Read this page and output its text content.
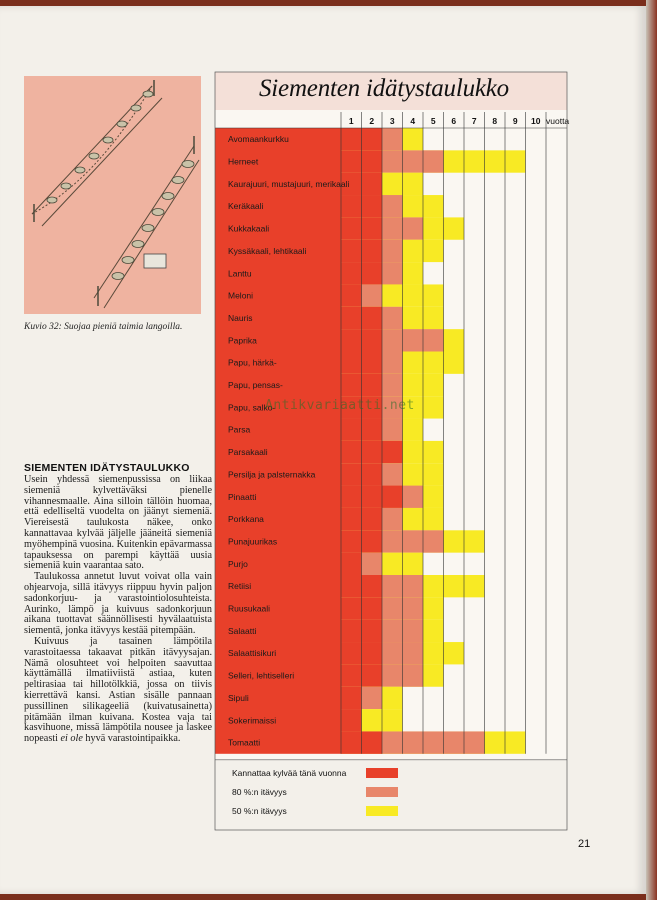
Kuvio 32: Suojaa pieniä taimia langoilla.
SIEMENTEN IDÄTYSTAULUKKO

Usein yhdessä siemenpussissa on liikaa siemeniä kylvettäväksi pienelle vihannesmaalle. Aina silloin tällöin huomaa, että edelliseltä vuodelta on jäänyt siemeniä. Viereisestä taulukosta näkee, onko kannattavaa kylvää jäljelle jääneitä siemeniä myöhempinä vuosina. Kuitenkin epävarmassa tapauksessa on parempi käyttää uusia siemeniä kuin vaarantaa sato.

Taulukossa annetut luvut voivat olla vain ohjearvoja, sillä itävyys riippuu hyvin paljon sadonkorjuu- ja varastointiolosuhteista. Aurinko, lämpö ja kuivuus sadonkorjuun aikana tuottavat säännöllisesti hyvälaatuista siementä, jonka itävyys kestää pitempään.

Kuivuus ja tasainen lämpötila varastoitaessa takaavat pitkän itävyysajan. Nämä olosuhteet voi helpoiten saavuttaa käyttämällä ilmatiiviistä astiaa, kuten peltirasiaa tai hillotölkkiä, jossa on tiivis kierrettävä kansi. Astian sisälle pannaan pussillinen silikageeliä (kuivatusainetta) pitämään ilman kuivana. Kostea vaja tai kasvihuone, missä lämpötila nousee ja laskee nopeasti ei ole hyvä varastointipaikka.

Siementen idätystaulukko
Avomaankurkku
Herneet
Kaurajuuri, mustajuuri, merikaali
Keräkaali
Kukkakaali
Kyssäkaali, lehtikaali
Lanttu
Meloni
Nauris
Paprika
Papu, härkä-
Papu, pensas-
Papu, salko-
Parsa
Parsakaali
Persilja ja palsternakka
Pinaatti
Porkkana
Punajuurikas
Purjo
Retiisi
Ruusukaali
Salaatti
Salaattisikuri
Selleri, lehtiselleri
Sipuli
Sokerimaissi
Tomaatti
1 2 3 4 5 6 7 8 9 10 vuotta
Kannattaa kylvää tänä vuonna
80 %:n itävyys
50 %:n itävyys
Antikvariaatti.net
21
